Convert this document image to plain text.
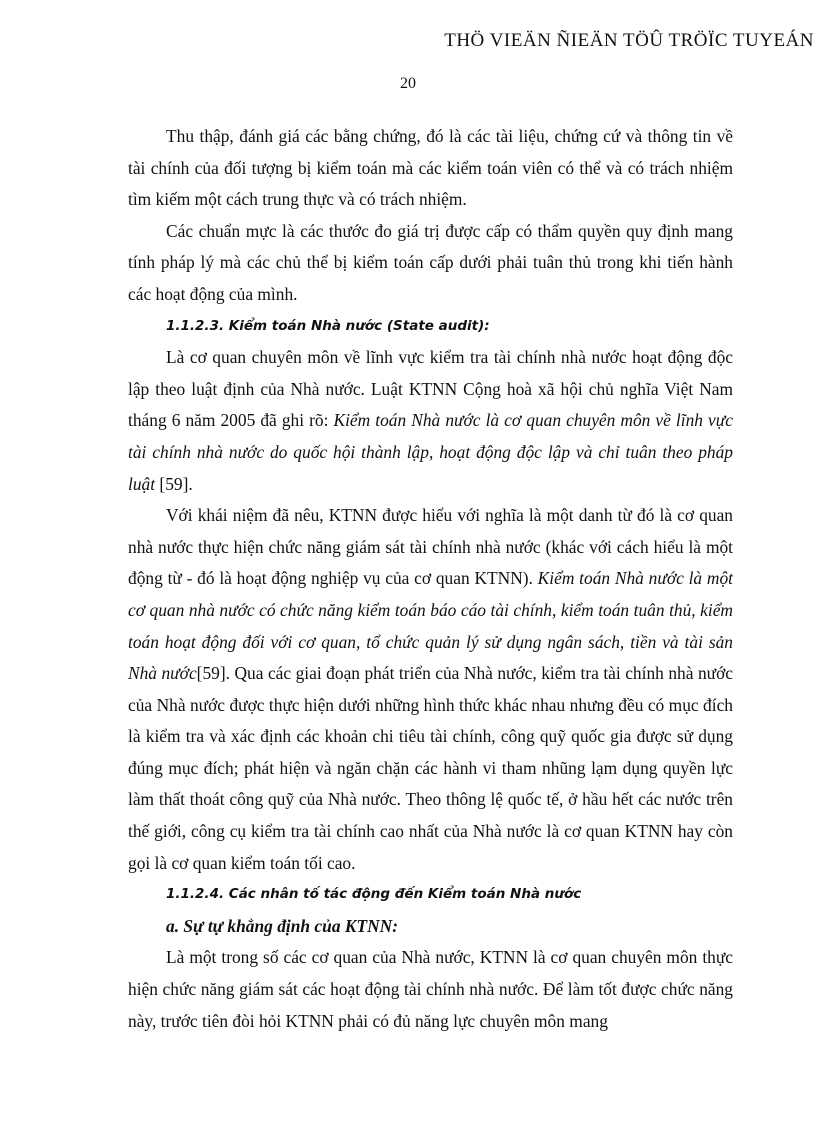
THÖ VIEÄN ÑIEÄN TÖÛ TRÖÏC TUYEÁN
20

Thu thập, đánh giá các bằng chứng, đó là các tài liệu, chứng cứ và thông tin về tài chính của đối tượng bị kiểm toán mà các kiểm toán viên có thể và có trách nhiệm tìm kiếm một cách trung thực và có trách nhiệm.

Các chuẩn mực là các thước đo giá trị được cấp có thẩm quyền quy định mang tính pháp lý mà các chủ thể bị kiểm toán cấp dưới phải tuân thủ trong khi tiến hành các hoạt động của mình.

1.1.2.3. Kiểm toán Nhà nước (State audit):

Là cơ quan chuyên môn về lĩnh vực kiểm tra tài chính nhà nước hoạt động độc lập theo luật định của Nhà nước. Luật KTNN Cộng hoà xã hội chủ nghĩa Việt Nam tháng 6 năm 2005 đã ghi rõ: Kiểm toán Nhà nước là cơ quan chuyên môn về lĩnh vực tài chính nhà nước do quốc hội thành lập, hoạt động độc lập và chỉ tuân theo pháp luật [59].

Với khái niệm đã nêu, KTNN được hiểu với nghĩa là một danh từ đó là cơ quan nhà nước thực hiện chức năng giám sát tài chính nhà nước (khác với cách hiểu là một động từ - đó là hoạt động nghiệp vụ của cơ quan KTNN). Kiểm toán Nhà nước là một cơ quan nhà nước có chức năng kiểm toán báo cáo tài chính, kiểm toán tuân thủ, kiểm toán hoạt động đối với cơ quan, tổ chức quản lý sử dụng ngân sách, tiền và tài sản Nhà nước[59]. Qua các giai đoạn phát triển của Nhà nước, kiểm tra tài chính nhà nước của Nhà nước được thực hiện dưới những hình thức khác nhau nhưng đều có mục đích là kiểm tra và xác định các khoản chi tiêu tài chính, công quỹ quốc gia được sử dụng đúng mục đích; phát hiện và ngăn chặn các hành vi tham nhũng lạm dụng quyền lực làm thất thoát công quỹ của Nhà nước. Theo thông lệ quốc tế, ở hầu hết các nước trên thế giới, công cụ kiểm tra tài chính cao nhất của Nhà nước là cơ quan KTNN hay còn gọi là cơ quan kiểm toán tối cao.

1.1.2.4. Các nhân tố tác động đến Kiểm toán Nhà nước
a. Sự tự khẳng định của KTNN:

Là một trong số các cơ quan của Nhà nước, KTNN là cơ quan chuyên môn thực hiện chức năng giám sát các hoạt động tài chính nhà nước. Để làm tốt được chức năng này, trước tiên đòi hỏi KTNN phải có đủ năng lực chuyên môn mang
